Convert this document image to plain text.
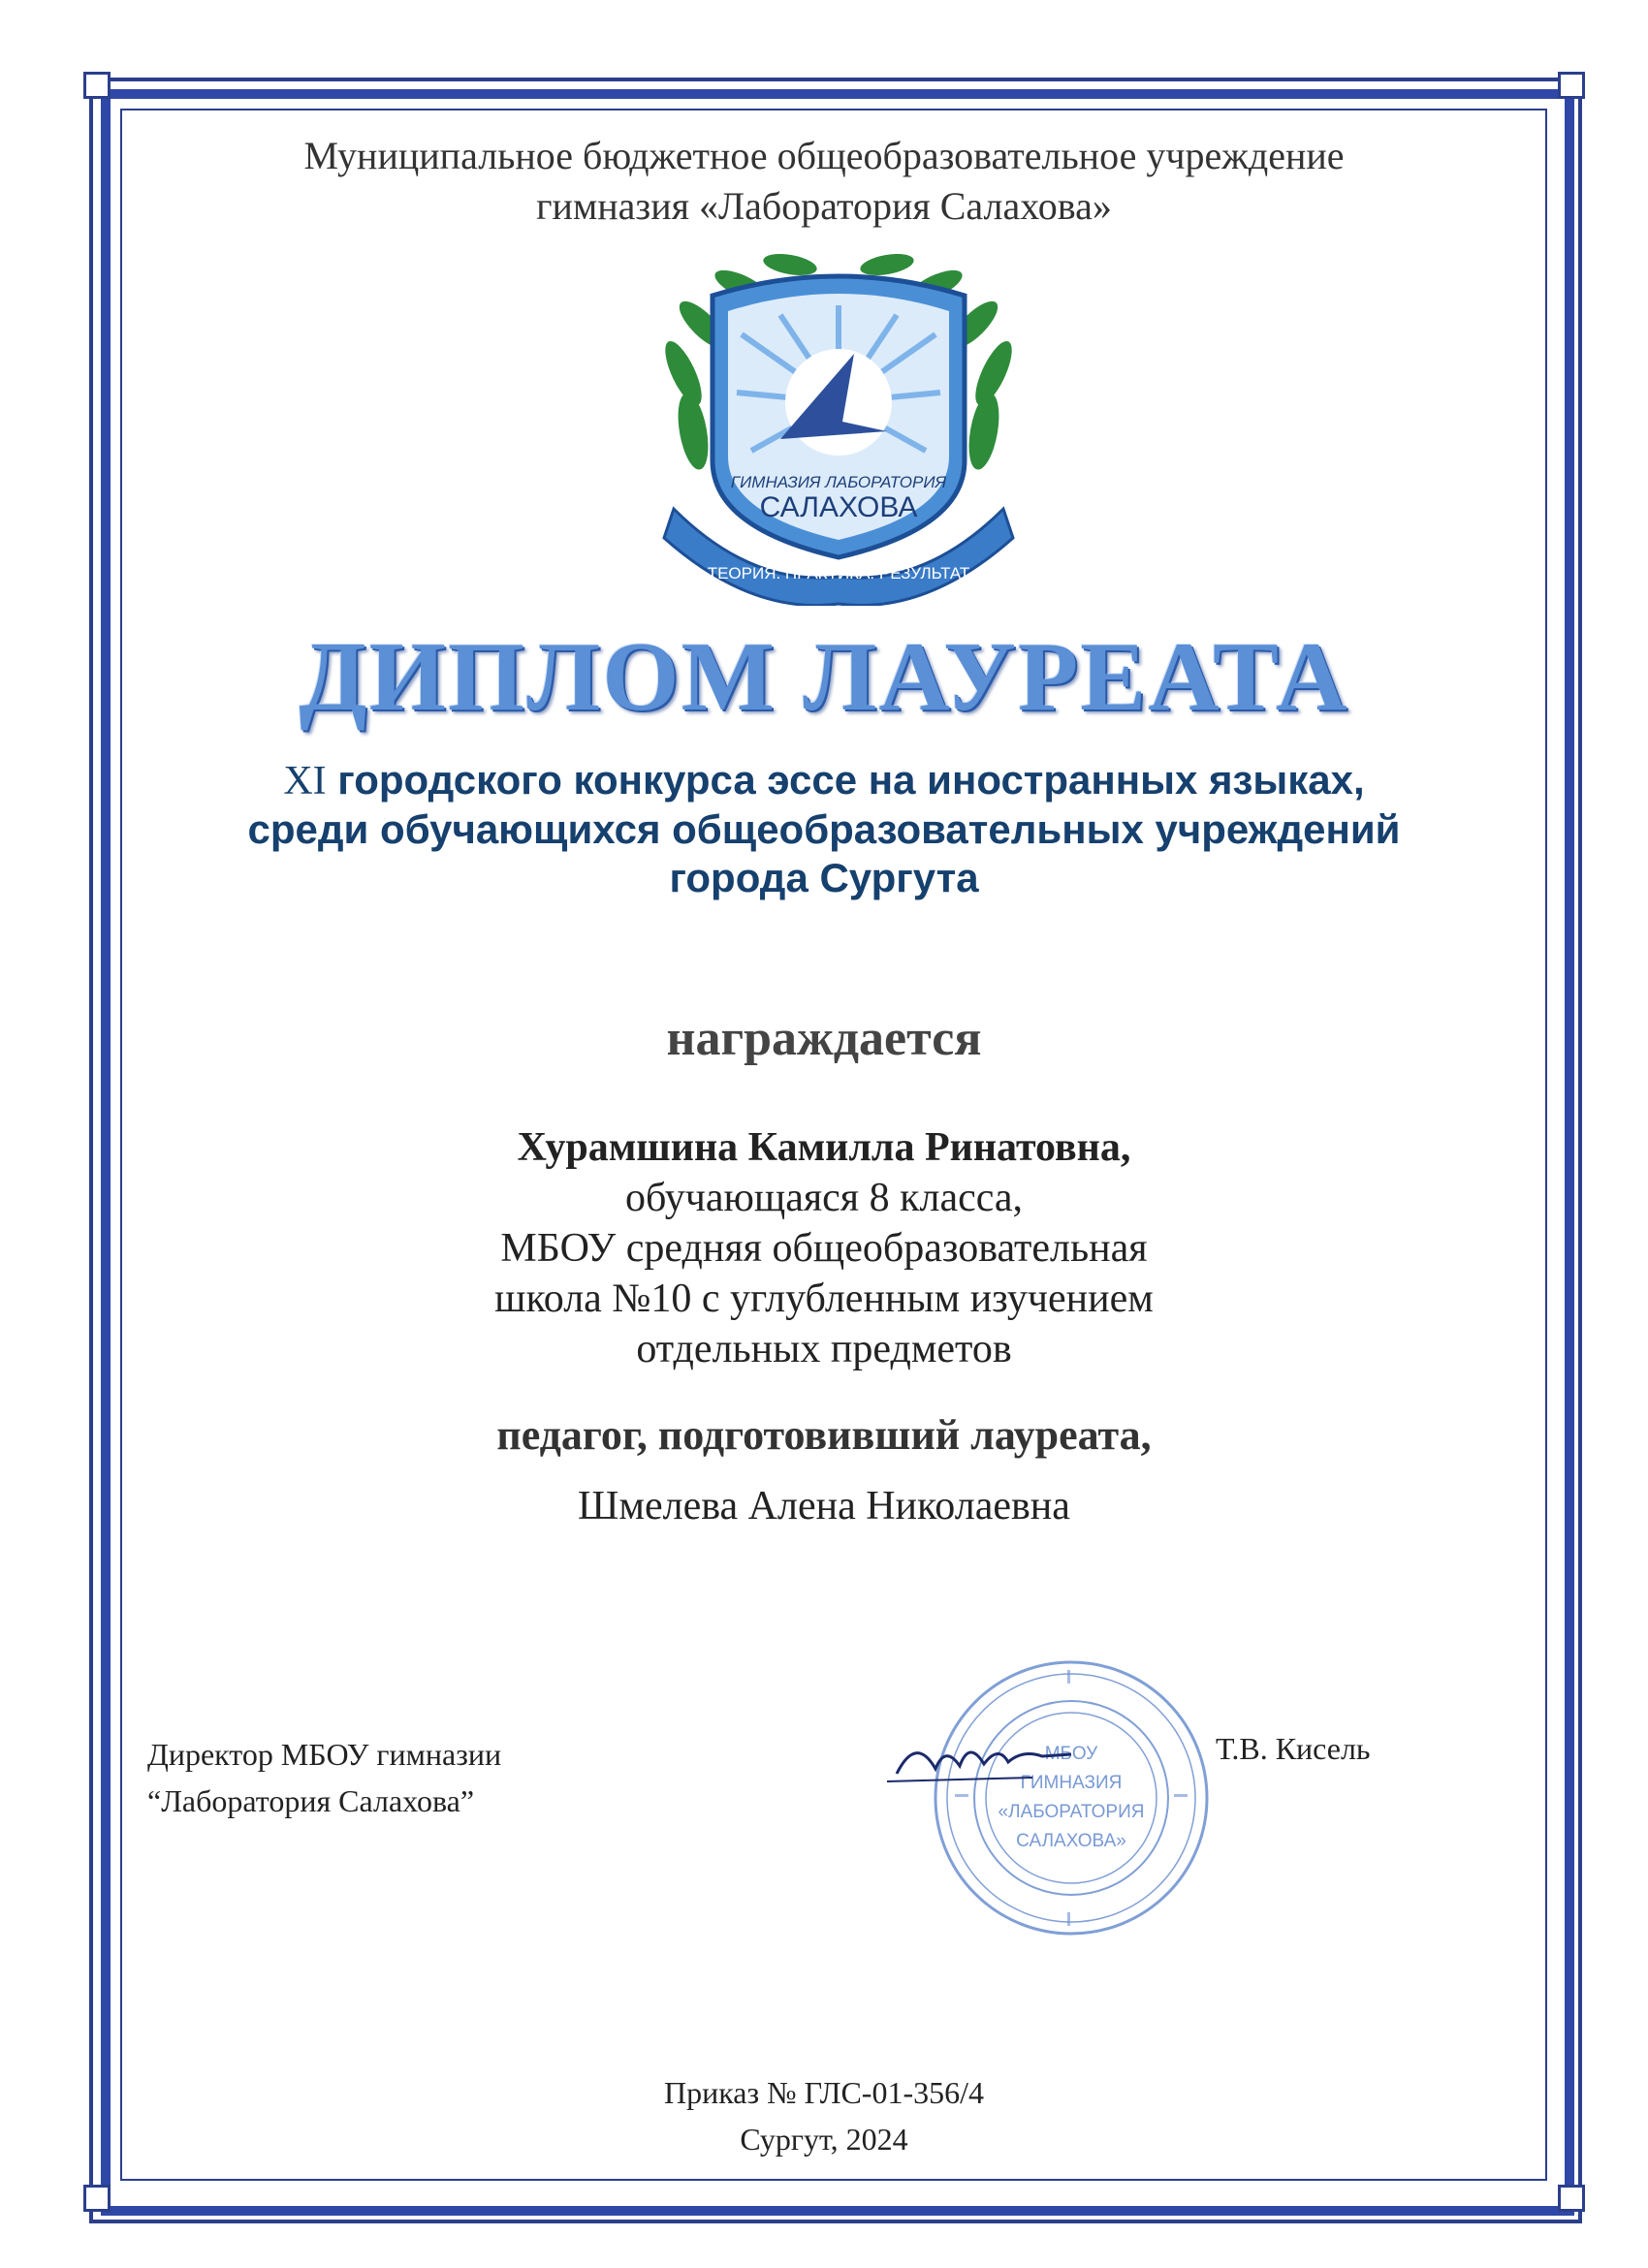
Муниципальное бюджетное общеобразовательное учреждение
гимназия «Лаборатория Салахова»
ГИМНАЗИЯ ЛАБОРАТОРИЯ
САЛАХОВА
ТЕОРИЯ. ПРАКТИКА. РЕЗУЛЬТАТ
ДИПЛОМ ЛАУРЕАТА
XI городского конкурса эссе на иностранных языках,
среди обучающихся общеобразовательных учреждений
города Сургута
награждается
Хурамшина Камилла Ринатовна,
обучающаяся 8 класса,
МБОУ средняя общеобразовательная
школа №10 с углубленным изучением
отдельных предметов
педагог, подготовивший лауреата,
Шмелева Алена Николаевна
Директор МБОУ гимназии
“Лаборатория Салахова”
МБОУ
ГИМНАЗИЯ
«ЛАБОРАТОРИЯ
САЛАХОВА»
Т.В. Кисель
Приказ № ГЛС-01-356/4
Сургут, 2024
